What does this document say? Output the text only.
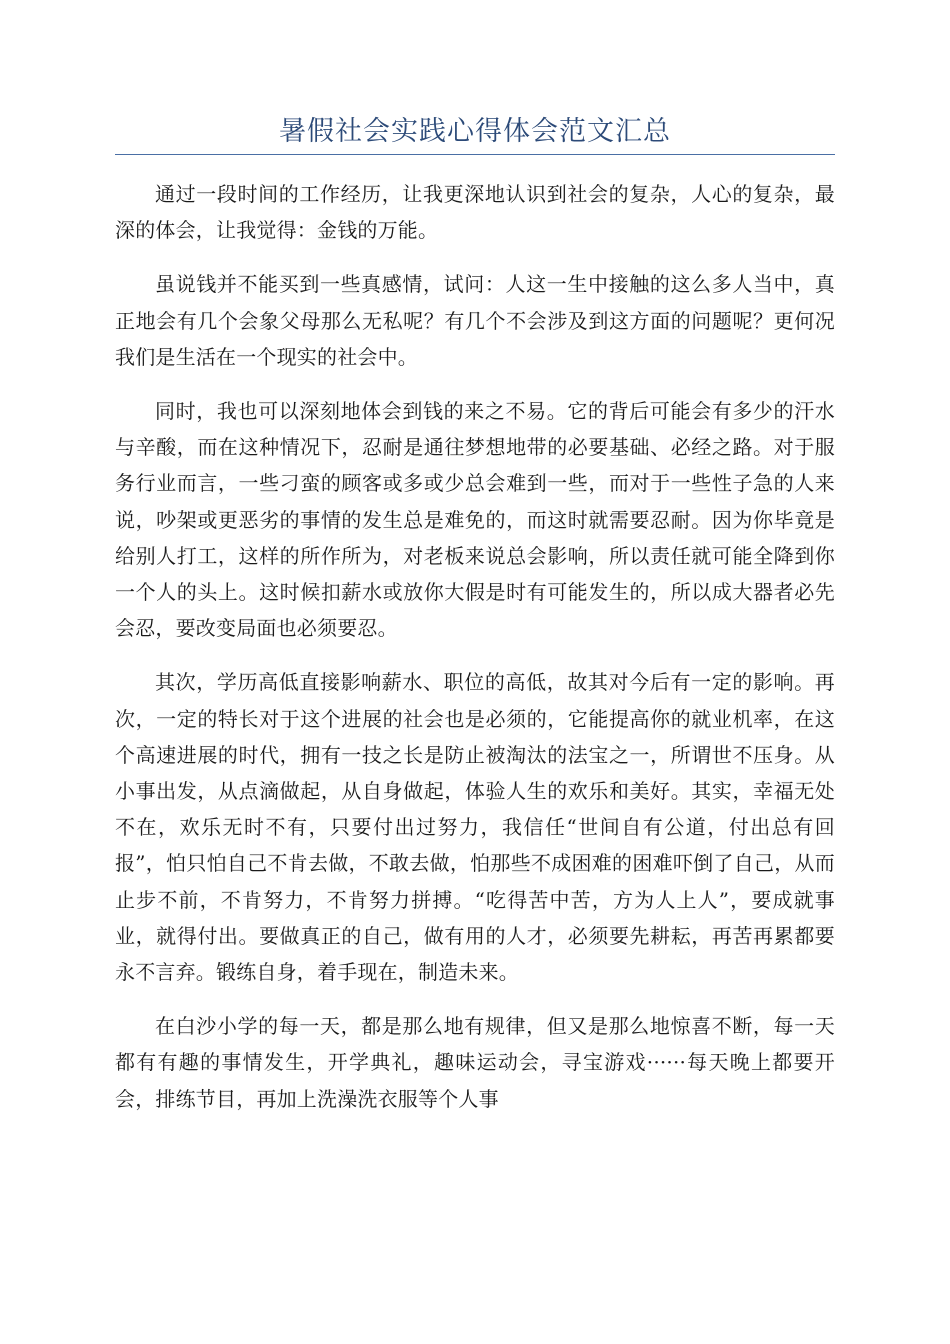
暑假社会实践心得体会范文汇总

通过一段时间的工作经历，让我更深地认识到社会的复杂，人心的复杂，最深的体会，让我觉得：金钱的万能。

虽说钱并不能买到一些真感情，试问：人这一生中接触的这么多人当中，真正地会有几个会象父母那么无私呢？有几个不会涉及到这方面的问题呢？更何况我们是生活在一个现实的社会中。

同时，我也可以深刻地体会到钱的来之不易。它的背后可能会有多少的汗水与辛酸，而在这种情况下，忍耐是通往梦想地带的必要基础、必经之路。对于服务行业而言，一些刁蛮的顾客或多或少总会难到一些，而对于一些性子急的人来说，吵架或更恶劣的事情的发生总是难免的，而这时就需要忍耐。因为你毕竟是给别人打工，这样的所作所为，对老板来说总会影响，所以责任就可能全降到你一个人的头上。这时候扣薪水或放你大假是时有可能发生的，所以成大器者必先会忍，要改变局面也必须要忍。

其次，学历高低直接影响薪水、职位的高低，故其对今后有一定的影响。再次，一定的特长对于这个进展的社会也是必须的，它能提高你的就业机率，在这个高速进展的时代，拥有一技之长是防止被淘汰的法宝之一，所谓世不压身。从小事出发，从点滴做起，从自身做起，体验人生的欢乐和美好。其实，幸福无处不在，欢乐无时不有，只要付出过努力，我信任“世间自有公道，付出总有回报”，怕只怕自己不肯去做，不敢去做，怕那些不成困难的困难吓倒了自己，从而止步不前，不肯努力，不肯努力拼搏。“吃得苦中苦，方为人上人”，要成就事业，就得付出。要做真正的自己，做有用的人才，必须要先耕耘，再苦再累都要永不言弃。锻练自身，着手现在，制造未来。

在白沙小学的每一天，都是那么地有规律，但又是那么地惊喜不断，每一天都有有趣的事情发生，开学典礼，趣味运动会，寻宝游戏······每天晚上都要开会，排练节目，再加上洗澡洗衣服等个人事
